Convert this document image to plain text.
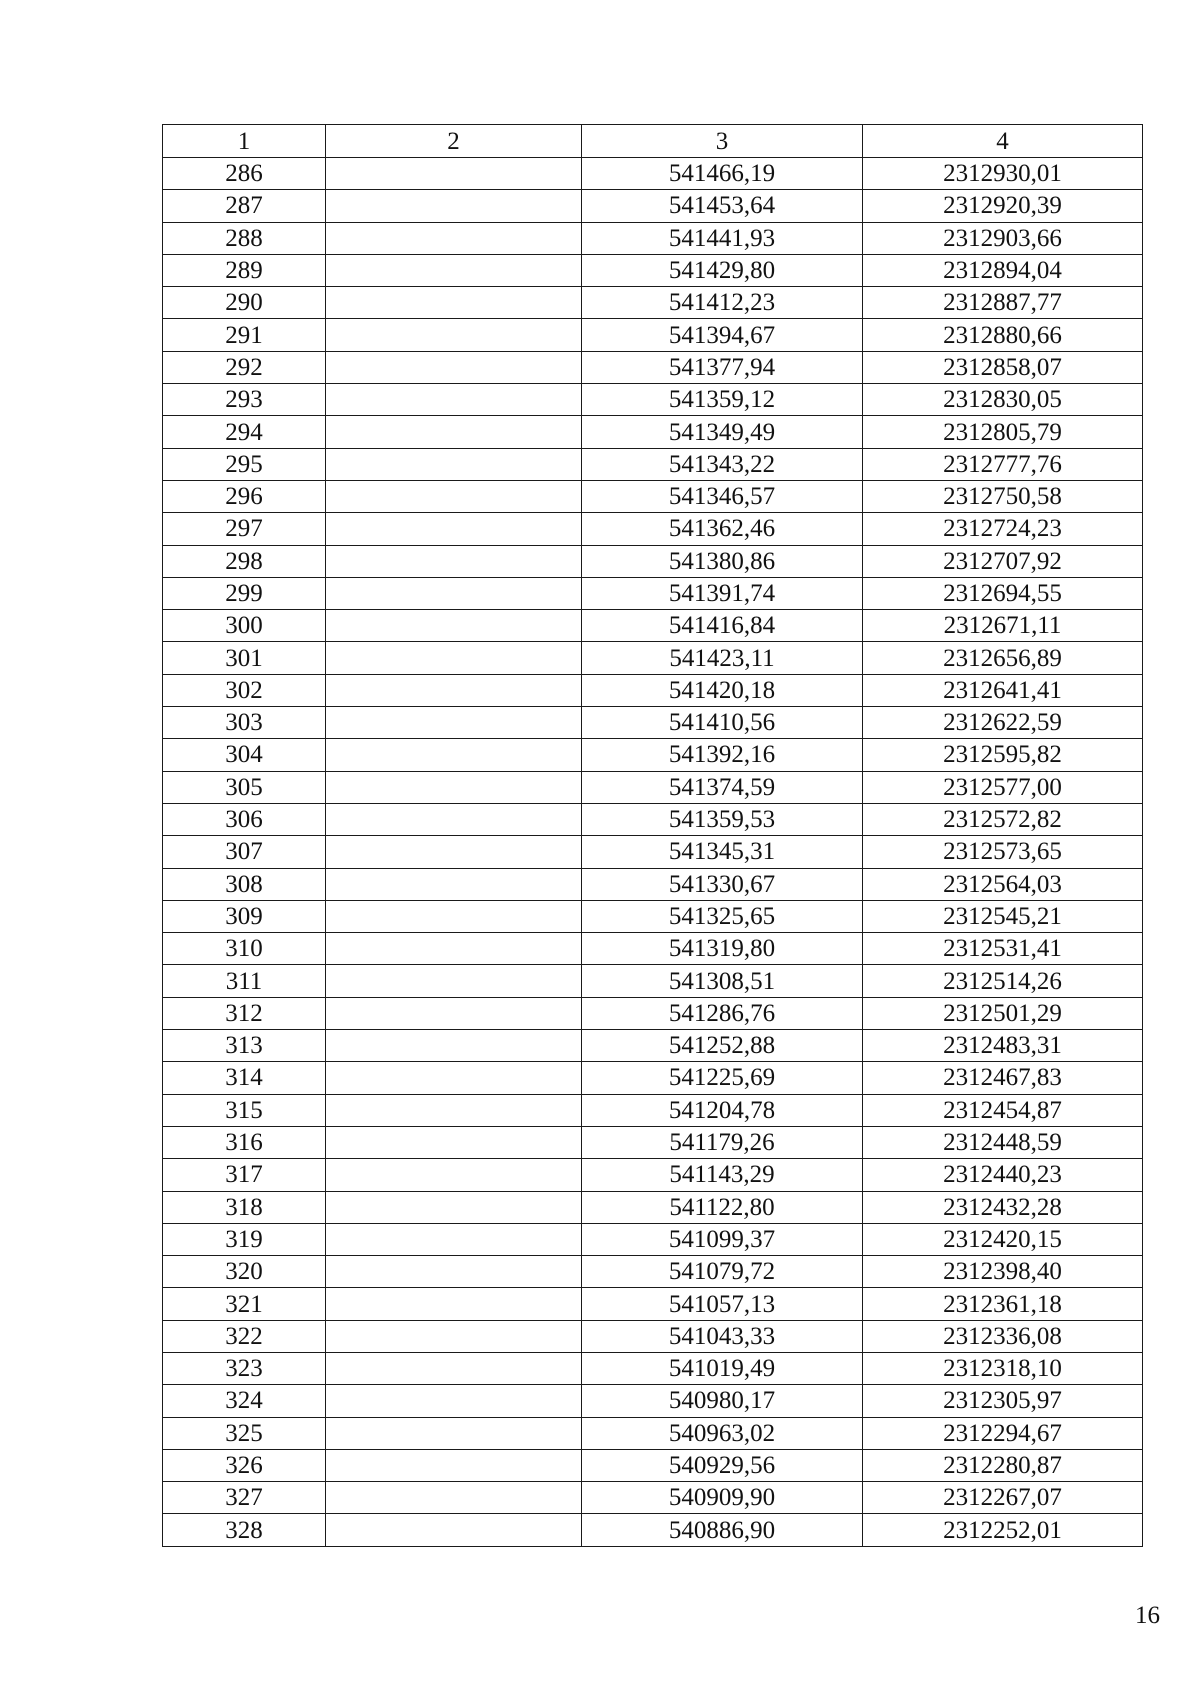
1	2	3	4
286		541466,19	2312930,01
287		541453,64	2312920,39
288		541441,93	2312903,66
289		541429,80	2312894,04
290		541412,23	2312887,77
291		541394,67	2312880,66
292		541377,94	2312858,07
293		541359,12	2312830,05
294		541349,49	2312805,79
295		541343,22	2312777,76
296		541346,57	2312750,58
297		541362,46	2312724,23
298		541380,86	2312707,92
299		541391,74	2312694,55
300		541416,84	2312671,11
301		541423,11	2312656,89
302		541420,18	2312641,41
303		541410,56	2312622,59
304		541392,16	2312595,82
305		541374,59	2312577,00
306		541359,53	2312572,82
307		541345,31	2312573,65
308		541330,67	2312564,03
309		541325,65	2312545,21
310		541319,80	2312531,41
311		541308,51	2312514,26
312		541286,76	2312501,29
313		541252,88	2312483,31
314		541225,69	2312467,83
315		541204,78	2312454,87
316		541179,26	2312448,59
317		541143,29	2312440,23
318		541122,80	2312432,28
319		541099,37	2312420,15
320		541079,72	2312398,40
321		541057,13	2312361,18
322		541043,33	2312336,08
323		541019,49	2312318,10
324		540980,17	2312305,97
325		540963,02	2312294,67
326		540929,56	2312280,87
327		540909,90	2312267,07
328		540886,90	2312252,01
16
